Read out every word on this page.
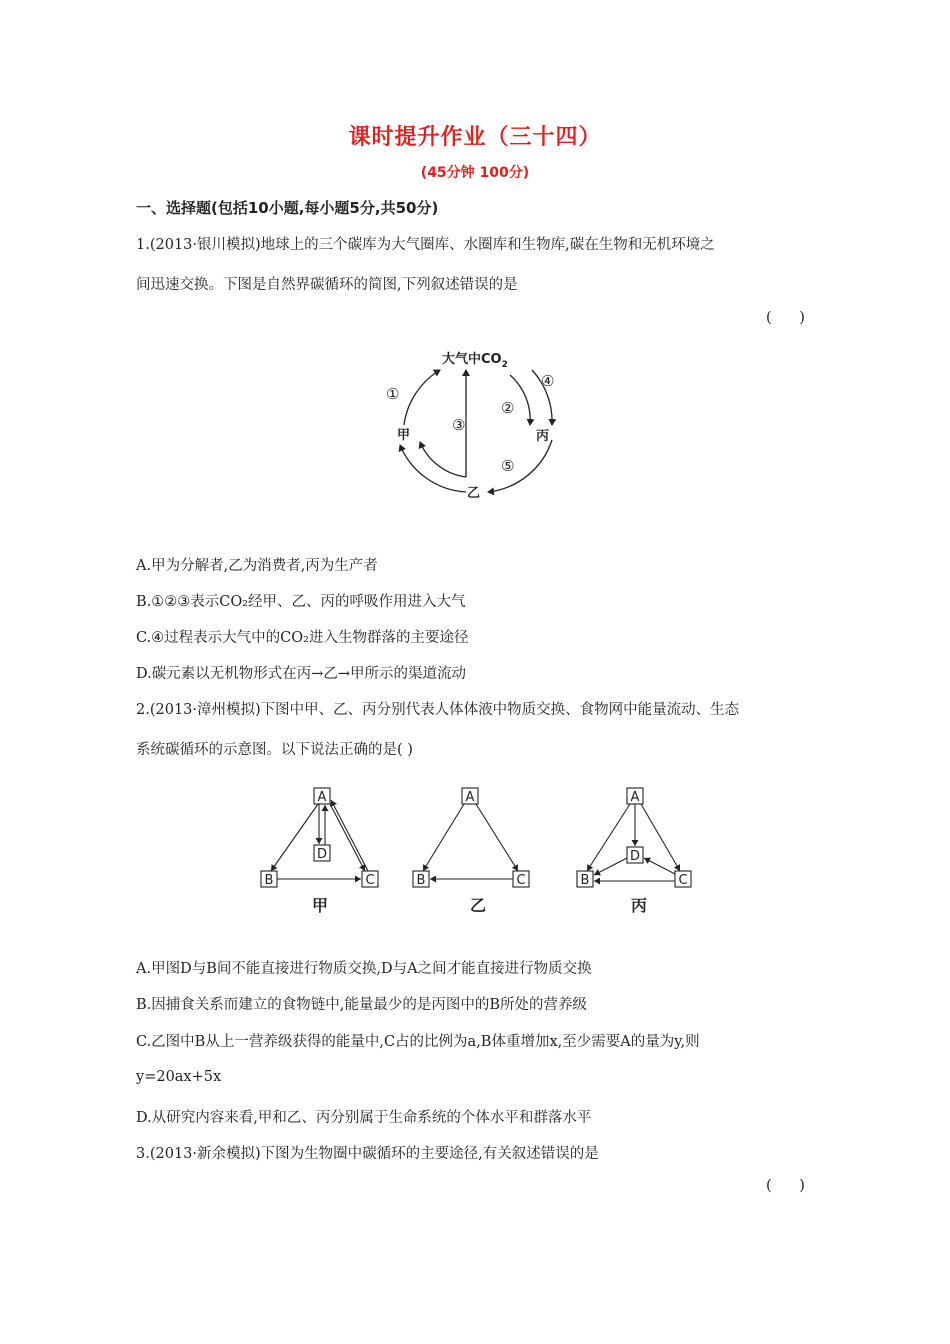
课时提升作业（三十四）
(45分钟 100分)
一、选择题(包括10小题,每小题5分,共50分)
1.(2013·银川模拟)地球上的三个碳库为大气圈库、水圈库和生物库,碳在生物和无机环境之
间迅速交换。下图是自然界碳循环的简图,下列叙述错误的是
(      )
大气中$CO_2$
甲	丙
乙
①
④
②
③
⑤
A.甲为分解者,乙为消费者,丙为生产者
B.①②③表示CO₂经甲、乙、丙的呼吸作用进入大气
C.④过程表示大气中的CO₂进入生物群落的主要途径
D.碳元素以无机物形式在丙→乙→甲所示的渠道流动
2.(2013·漳州模拟)下图中甲、乙、丙分别代表人体体液中物质交换、食物网中能量流动、生态
系统碳循环的示意图。以下说法正确的是( )
A
D
B	C
A
B	C
A
D
B	C
甲	乙	丙
A.甲图D与B间不能直接进行物质交换,D与A之间才能直接进行物质交换
B.因捕食关系而建立的食物链中,能量最少的是丙图中的B所处的营养级
C.乙图中B从上一营养级获得的能量中,C占的比例为a,B体重增加x,至少需要A的量为y,则
y=20ax+5x
D.从研究内容来看,甲和乙、丙分别属于生命系统的个体水平和群落水平
3.(2013·新余模拟)下图为生物圈中碳循环的主要途径,有关叙述错误的是
(      )
